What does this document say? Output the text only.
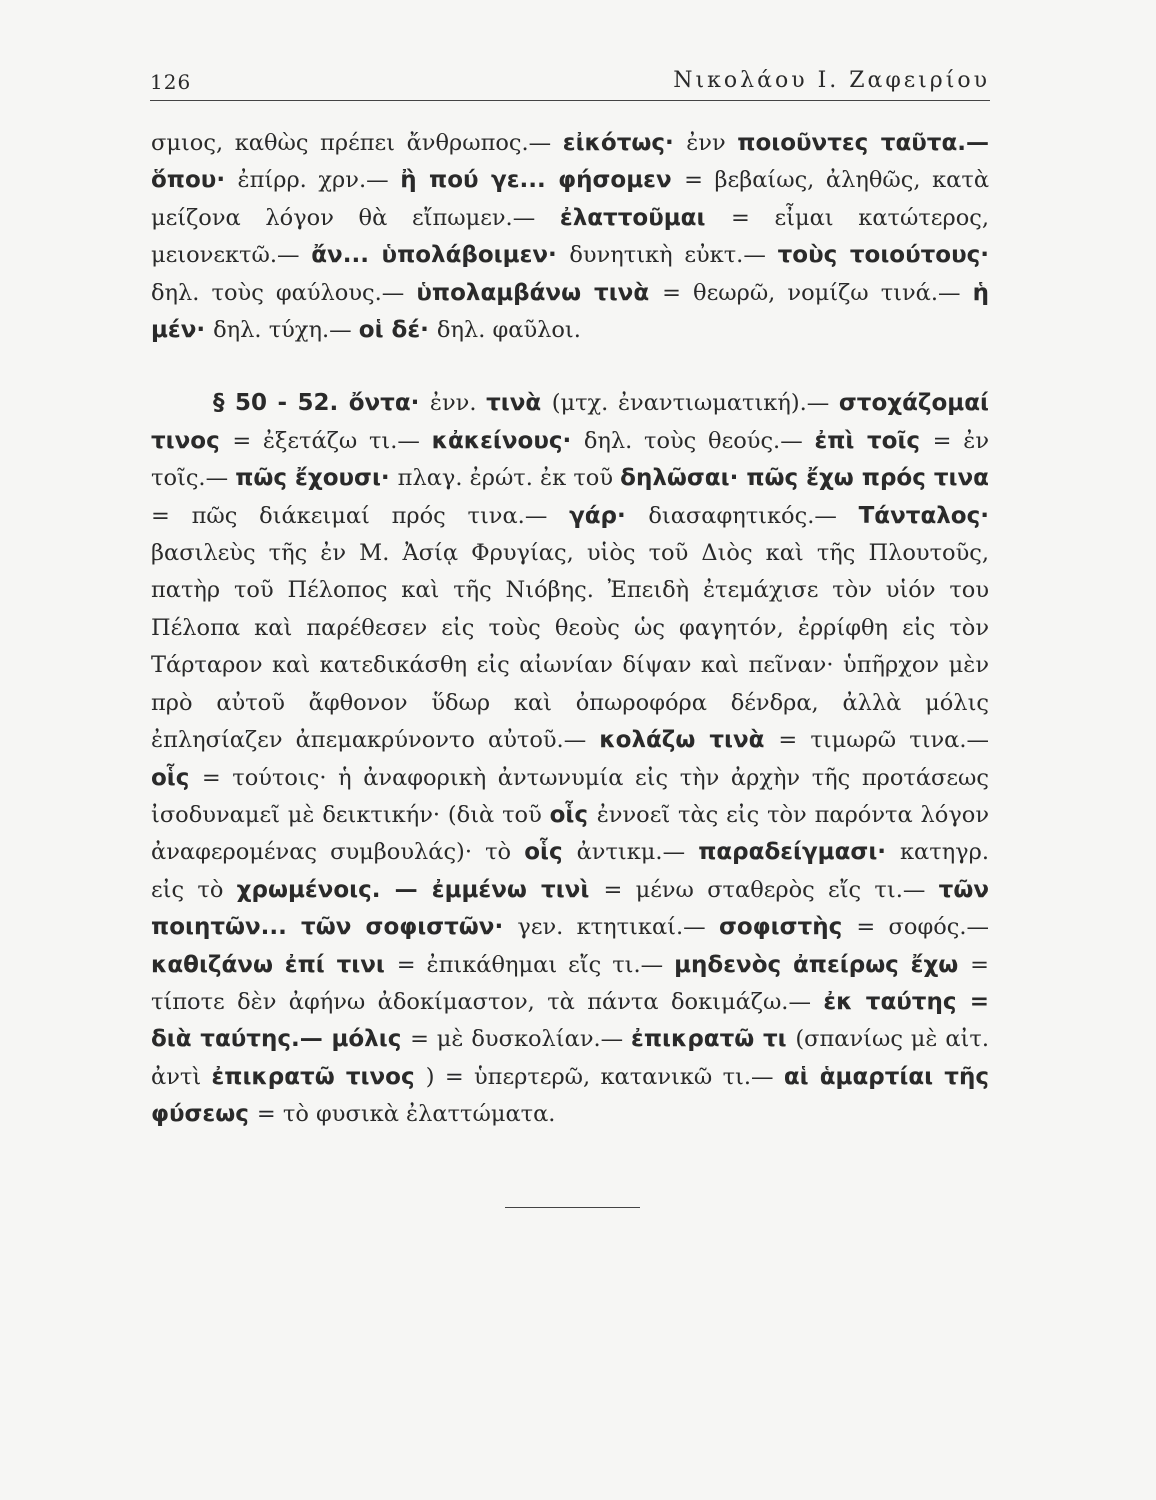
126	Νικολάου Ι. Ζαφειρίου

σμιος, καθὼς πρέπει ἄνθρωπος.— εἰκότως· ἐνν ποιοῦντες ταῦτα.— ὅπου· ἐπίρρ. χρν.— ἢ πού γε... φήσομεν = βεβαίως, ἀληθῶς, κατὰ μείζονα λόγον θὰ εἴπωμεν.— ἐλαττοῦμαι = εἶμαι κατώτερος, μειονεκτῶ.— ἄν... ὑπολάβοιμεν· δυνητικὴ εὐκτ.— τοὺς τοιούτους· δηλ. τοὺς φαύλους.— ὑπολαμβάνω τινὰ = θεωρῶ, νομίζω τινά.— ἡ μέν· δηλ. τύχη.— οἱ δέ· δηλ. φαῦλοι.

§ 50 - 52. ὄντα· ἐνν. τινὰ (μτχ. ἐναντιωματική).— στοχάζομαί τινος = ἐξετάζω τι.— κἀκείνους· δηλ. τοὺς θεούς.— ἐπὶ τοῖς = ἐν τοῖς.— πῶς ἔχουσι· πλαγ. ἐρώτ. ἐκ τοῦ δηλῶσαι· πῶς ἔχω πρός τινα = πῶς διάκειμαί πρός τινα.— γάρ· διασαφητικός.— Τάνταλος· βασιλεὺς τῆς ἐν Μ. Ἀσίᾳ Φρυγίας, υἱὸς τοῦ Διὸς καὶ τῆς Πλουτοῦς, πατὴρ τοῦ Πέλοπος καὶ τῆς Νιόβης. Ἐπειδὴ ἐτεμάχισε τὸν υἱόν του Πέλοπα καὶ παρέθεσεν εἰς τοὺς θεοὺς ὡς φαγητόν, ἐρρίφθη εἰς τὸν Τάρταρον καὶ κατεδικάσθη εἰς αἰωνίαν δίψαν καὶ πεῖναν· ὑπῆρχον μὲν πρὸ αὐτοῦ ἄφθονον ὕδωρ καὶ ὀπωροφόρα δένδρα, ἀλλὰ μόλις ἐπλησίαζεν ἀπεμακρύνοντο αὐτοῦ.— κολάζω τινὰ = τιμωρῶ τινα.— οἷς = τούτοις· ἡ ἀναφορικὴ ἀντωνυμία εἰς τὴν ἀρχὴν τῆς προτάσεως ἰσοδυναμεῖ μὲ δεικτικήν· (διὰ τοῦ οἷς ἐννοεῖ τὰς εἰς τὸν παρόντα λόγον ἀναφερομένας συμβουλάς)· τὸ οἷς ἀντικμ.— παραδείγμασι· κατηγρ. εἰς τὸ χρωμένοις. — ἐμμένω τινὶ = μένω σταθερὸς εἴς τι.— τῶν ποιητῶν... τῶν σοφιστῶν· γεν. κτητικαί.— σοφιστὴς = σοφός.— καθιζάνω ἐπί τινι = ἐπικάθημαι εἴς τι.— μηδενὸς ἀπείρως ἔχω = τίποτε δὲν ἀφήνω ἀδοκίμαστον, τὰ πάντα δοκιμάζω.— ἐκ ταύτης = διὰ ταύτης.— μόλις = μὲ δυσκολίαν.— ἐπικρατῶ τι (σπανίως μὲ αἰτ. ἀντὶ ἐπικρατῶ τινος ) = ὑπερτερῶ, κατανικῶ τι.— αἱ ἁμαρτίαι τῆς φύσεως = τὸ φυσικὰ ἐλαττώματα.
